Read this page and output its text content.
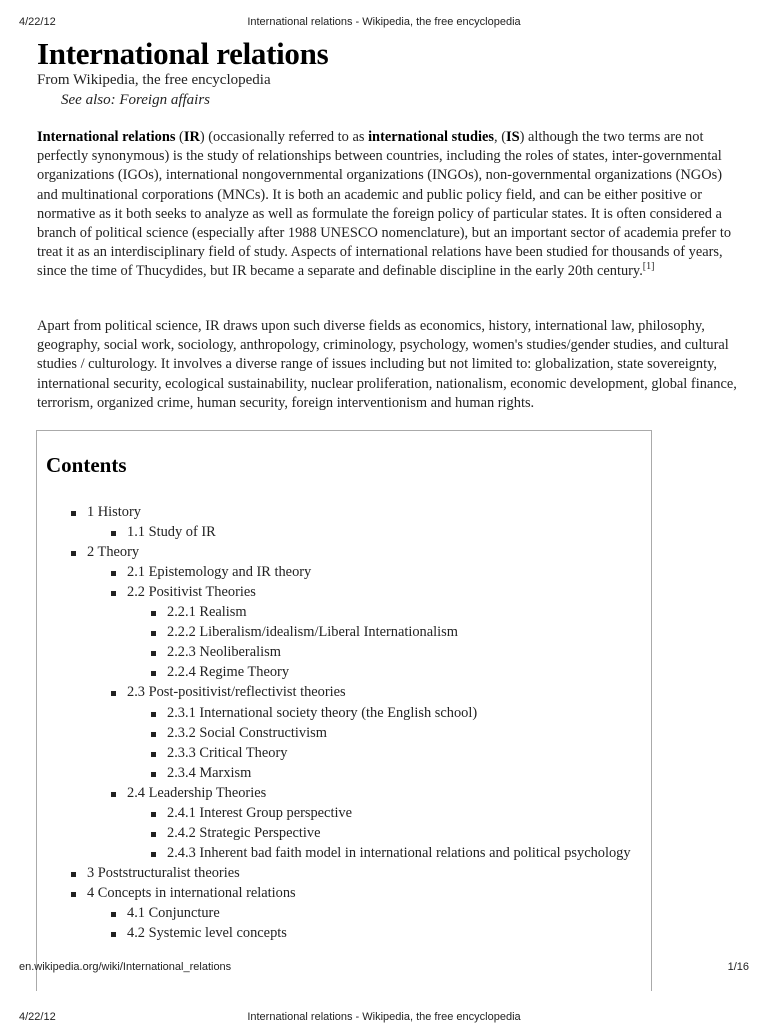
4/22/12	International relations - Wikipedia, the free encyclopedia
International relations
From Wikipedia, the free encyclopedia
See also: Foreign affairs

International relations (IR) (occasionally referred to as international studies, (IS) although the two terms are not perfectly synonymous) is the study of relationships between countries, including the roles of states, inter-governmental organizations (IGOs), international nongovernmental organizations (INGOs), non-governmental organizations (NGOs) and multinational corporations (MNCs). It is both an academic and public policy field, and can be either positive or normative as it both seeks to analyze as well as formulate the foreign policy of particular states. It is often considered a branch of political science (especially after 1988 UNESCO nomenclature), but an important sector of academia prefer to treat it as an interdisciplinary field of study. Aspects of international relations have been studied for thousands of years, since the time of Thucydides, but IR became a separate and definable discipline in the early 20th century.[1]

Apart from political science, IR draws upon such diverse fields as economics, history, international law, philosophy, geography, social work, sociology, anthropology, criminology, psychology, women's studies/gender studies, and cultural studies / culturology. It involves a diverse range of issues including but not limited to: globalization, state sovereignty, international security, ecological sustainability, nuclear proliferation, nationalism, economic development, global finance, terrorism, organized crime, human security, foreign interventionism and human rights.

Contents
1 History
1.1 Study of IR
2 Theory
2.1 Epistemology and IR theory
2.2 Positivist Theories
2.2.1 Realism
2.2.2 Liberalism/idealism/Liberal Internationalism
2.2.3 Neoliberalism
2.2.4 Regime Theory
2.3 Post-positivist/reflectivist theories
2.3.1 International society theory (the English school)
2.3.2 Social Constructivism
2.3.3 Critical Theory
2.3.4 Marxism
2.4 Leadership Theories
2.4.1 Interest Group perspective
2.4.2 Strategic Perspective
2.4.3 Inherent bad faith model in international relations and political psychology
3 Poststructuralist theories
4 Concepts in international relations
4.1 Conjuncture
4.2 Systemic level concepts
en.wikipedia.org/wiki/International_relations	1/16
4/22/12	International relations - Wikipedia, the free encyclopedia
